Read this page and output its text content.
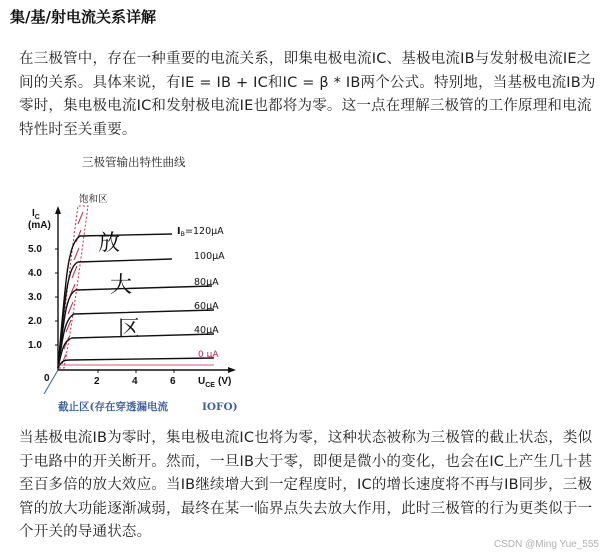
集/基/射电流关系详解

在三极管中，存在一种重要的电流关系，即集电极电流IC、基极电流IB与发射极电流IE之间的关系。具体来说，有IE = IB + IC和IC = β * IB两个公式。特别地，当基极电流IB为零时，集电极电流IC和发射极电流IE也都将为零。这一点在理解三极管的工作原理和电流特性时至关重要。

三极管输出特性曲线
饱和区
$I_C$
(mA)
5.0
4.0
3.0
2.0
1.0
0	2	4	6 $U_{CE}$ (V)
放
大
区
$I_B=120\mu A$
100μA
80μA
60μA
40μA
0 μA
截止区(存在穿透漏电流	IOFO)

当基极电流IB为零时，集电极电流IC也将为零，这种状态被称为三极管的截止状态，类似于电路中的开关断开。然而，一旦IB大于零，即便是微小的变化，也会在IC上产生几十甚至百多倍的放大效应。当IB继续增大到一定程度时，IC的增长速度将不再与IB同步，三极管的放大功能逐渐减弱，最终在某一临界点失去放大作用，此时三极管的行为更类似于一个开关的导通状态。

CSDN @Ming Yue_555
